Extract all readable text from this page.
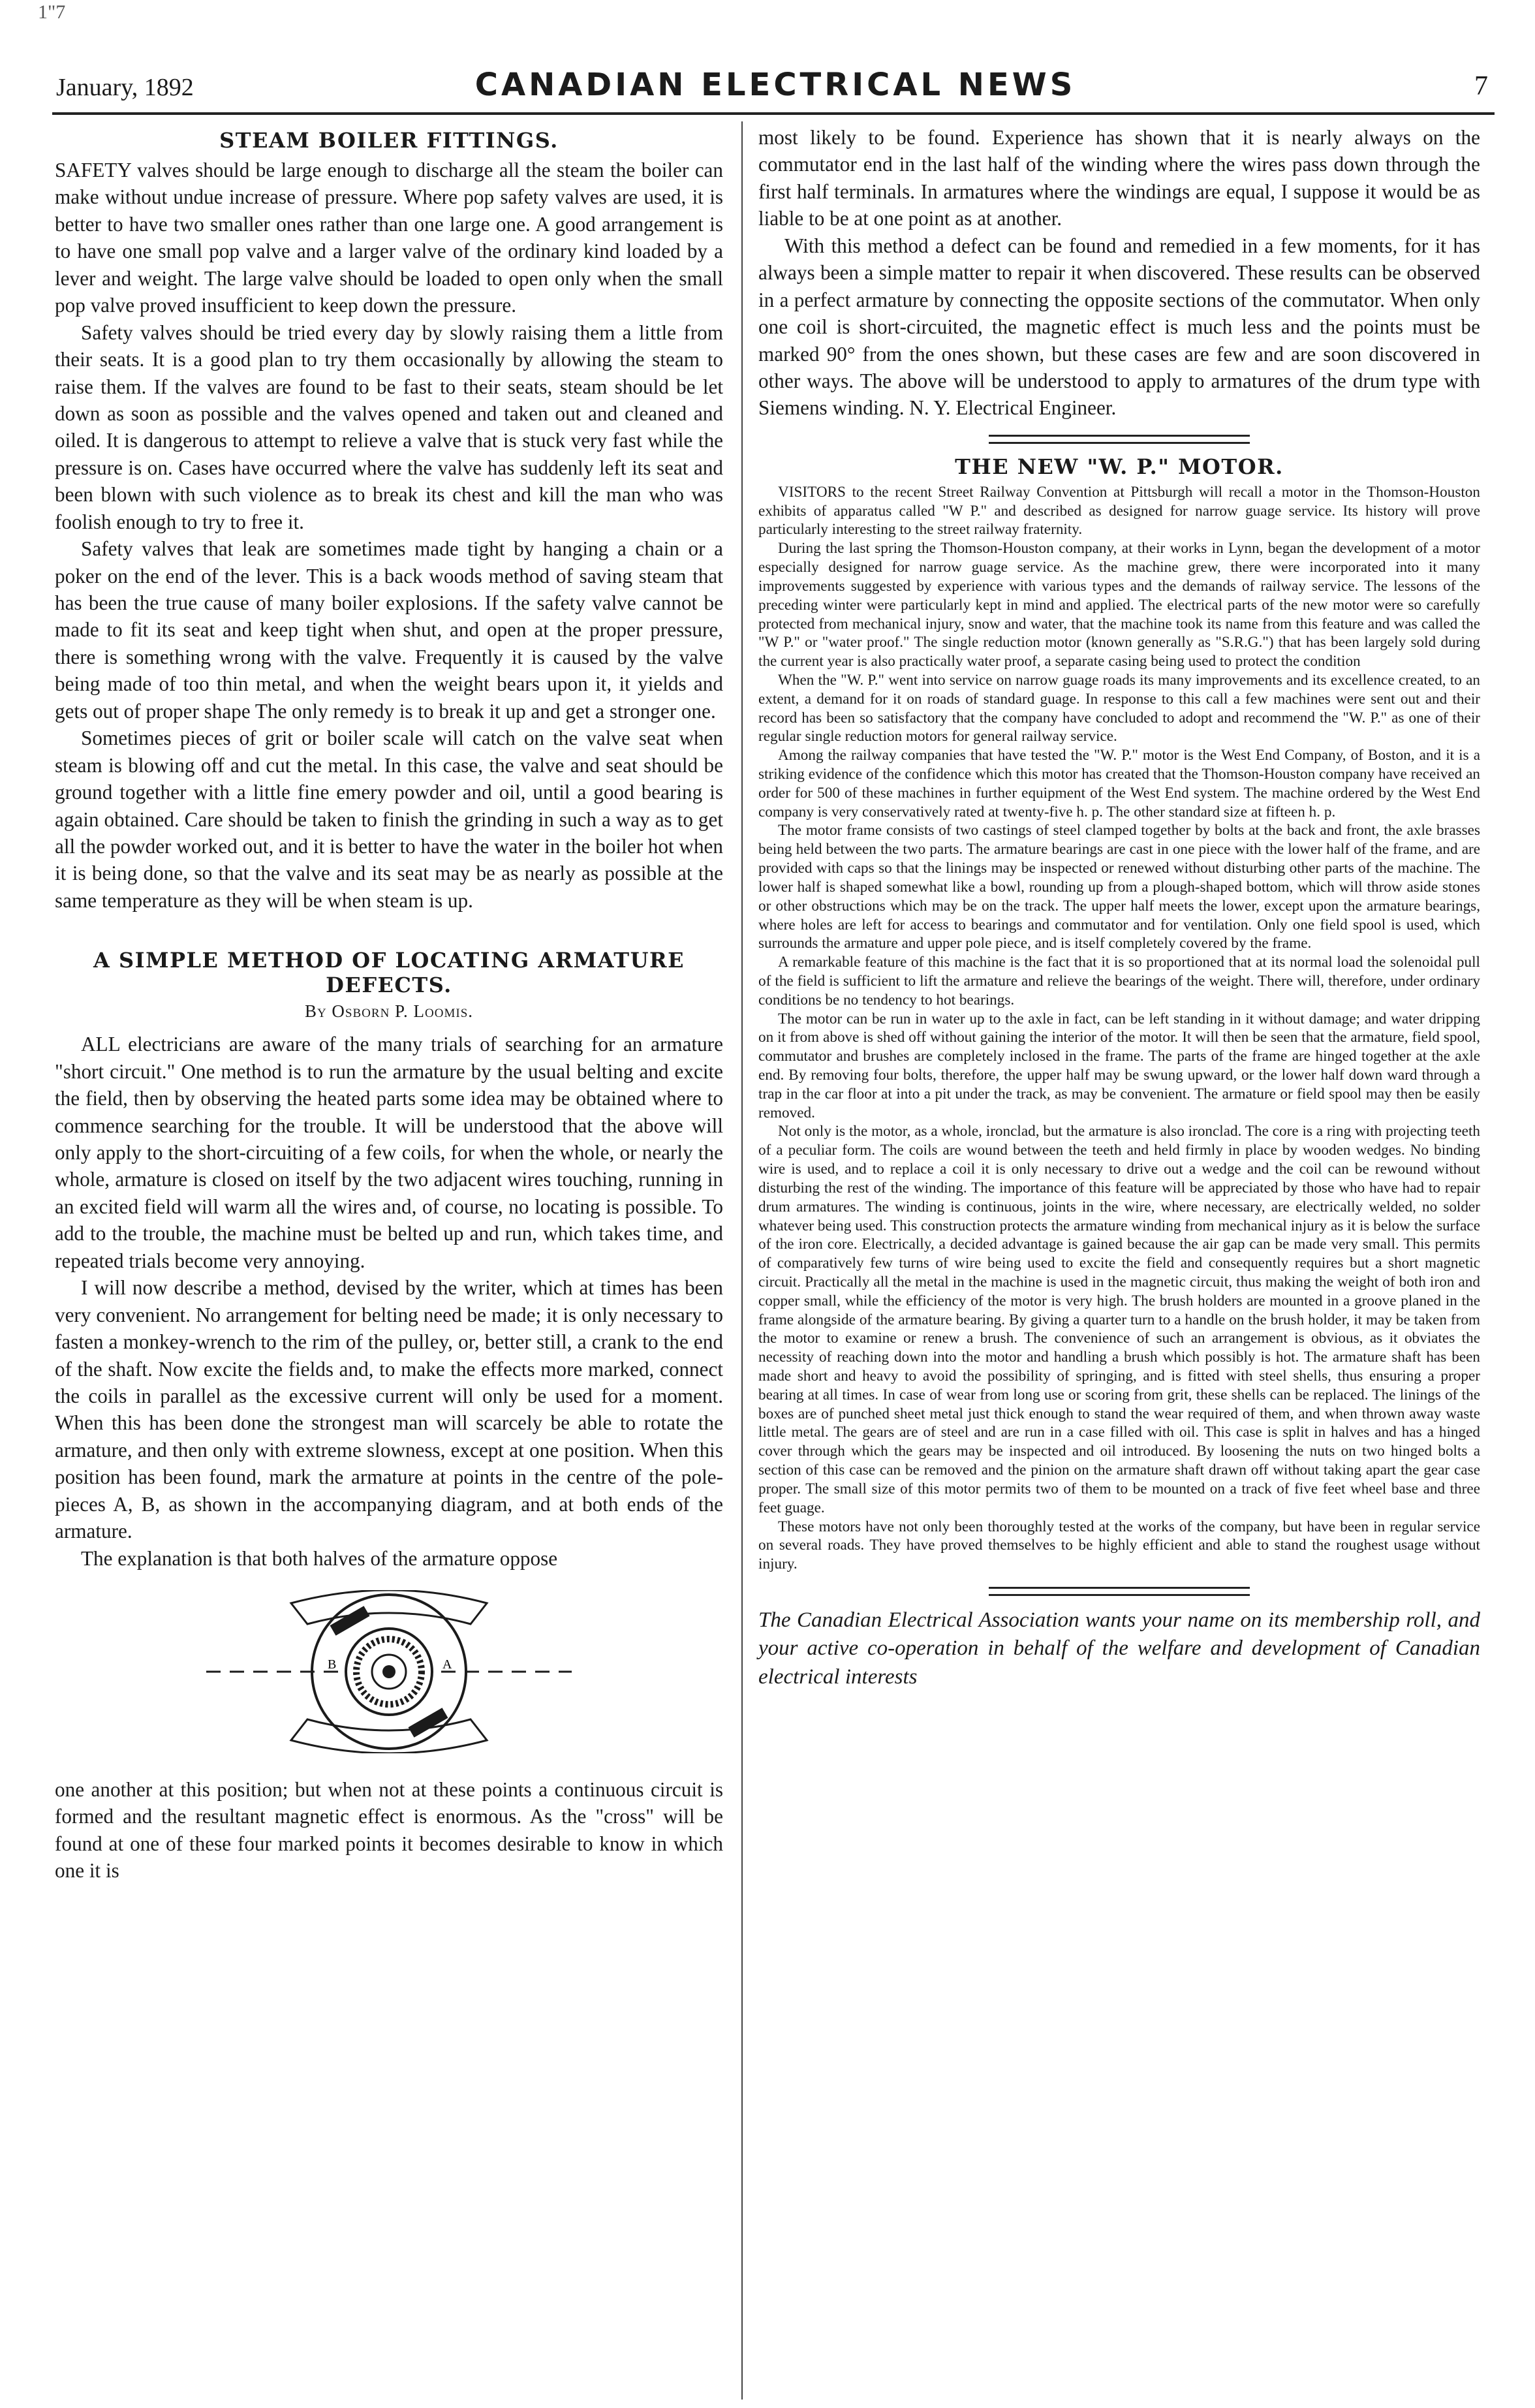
1"7
January, 1892	CANADIAN ELECTRICAL NEWS	7
STEAM BOILER FITTINGS.

SAFETY valves should be large enough to discharge all the steam the boiler can make without undue increase of pressure. Where pop safety valves are used, it is better to have two smaller ones rather than one large one. A good arrangement is to have one small pop valve and a larger valve of the ordinary kind loaded by a lever and weight. The large valve should be loaded to open only when the small pop valve proved insufficient to keep down the pressure.

Safety valves should be tried every day by slowly raising them a little from their seats. It is a good plan to try them occasionally by allowing the steam to raise them. If the valves are found to be fast to their seats, steam should be let down as soon as possible and the valves opened and taken out and cleaned and oiled. It is dangerous to attempt to relieve a valve that is stuck very fast while the pressure is on. Cases have occurred where the valve has suddenly left its seat and been blown with such violence as to break its chest and kill the man who was foolish enough to try to free it.

Safety valves that leak are sometimes made tight by hanging a chain or a poker on the end of the lever. This is a back woods method of saving steam that has been the true cause of many boiler explosions. If the safety valve cannot be made to fit its seat and keep tight when shut, and open at the proper pressure, there is something wrong with the valve. Frequently it is caused by the valve being made of too thin metal, and when the weight bears upon it, it yields and gets out of proper shape The only remedy is to break it up and get a stronger one.

Sometimes pieces of grit or boiler scale will catch on the valve seat when steam is blowing off and cut the metal. In this case, the valve and seat should be ground together with a little fine emery powder and oil, until a good bearing is again obtained. Care should be taken to finish the grinding in such a way as to get all the powder worked out, and it is better to have the water in the boiler hot when it is being done, so that the valve and its seat may be as nearly as possible at the same temperature as they will be when steam is up.

A SIMPLE METHOD OF LOCATING ARMATURE DEFECTS.
By Osborn P. Loomis.

ALL electricians are aware of the many trials of searching for an armature "short circuit." One method is to run the armature by the usual belting and excite the field, then by observing the heated parts some idea may be obtained where to commence searching for the trouble. It will be understood that the above will only apply to the short-circuiting of a few coils, for when the whole, or nearly the whole, armature is closed on itself by the two adjacent wires touching, running in an excited field will warm all the wires and, of course, no locating is possible. To add to the trouble, the machine must be belted up and run, which takes time, and repeated trials become very annoying.

I will now describe a method, devised by the writer, which at times has been very convenient. No arrangement for belting need be made; it is only necessary to fasten a monkey-wrench to the rim of the pulley, or, better still, a crank to the end of the shaft. Now excite the fields and, to make the effects more marked, connect the coils in parallel as the excessive current will only be used for a moment. When this has been done the strongest man will scarcely be able to rotate the armature, and then only with extreme slowness, except at one position. When this position has been found, mark the armature at points in the centre of the pole-pieces A, B, as shown in the accompanying diagram, and at both ends of the armature.

The explanation is that both halves of the armature oppose

B	A

one another at this position; but when not at these points a continuous circuit is formed and the resultant magnetic effect is enormous. As the "cross" will be found at one of these four marked points it becomes desirable to know in which one it is

most likely to be found. Experience has shown that it is nearly always on the commutator end in the last half of the winding where the wires pass down through the first half terminals. In armatures where the windings are equal, I suppose it would be as liable to be at one point as at another.

With this method a defect can be found and remedied in a few moments, for it has always been a simple matter to repair it when discovered. These results can be observed in a perfect armature by connecting the opposite sections of the commutator. When only one coil is short-circuited, the magnetic effect is much less and the points must be marked 90° from the ones shown, but these cases are few and are soon discovered in other ways. The above will be understood to apply to armatures of the drum type with Siemens winding. N. Y. Electrical Engineer.

THE NEW "W. P." MOTOR.

VISITORS to the recent Street Railway Convention at Pittsburgh will recall a motor in the Thomson-Houston exhibits of apparatus called "W P." and described as designed for narrow guage service. Its history will prove particularly interesting to the street railway fraternity.

During the last spring the Thomson-Houston company, at their works in Lynn, began the development of a motor especially designed for narrow guage service. As the machine grew, there were incorporated into it many improvements suggested by experience with various types and the demands of railway service. The lessons of the preceding winter were particularly kept in mind and applied. The electrical parts of the new motor were so carefully protected from mechanical injury, snow and water, that the machine took its name from this feature and was called the "W P." or "water proof." The single reduction motor (known generally as "S.R.G.") that has been largely sold during the current year is also practically water proof, a separate casing being used to protect the condition

When the "W. P." went into service on narrow guage roads its many improvements and its excellence created, to an extent, a demand for it on roads of standard guage. In response to this call a few machines were sent out and their record has been so satisfactory that the company have concluded to adopt and recommend the "W. P." as one of their regular single reduction motors for general railway service.

Among the railway companies that have tested the "W. P." motor is the West End Company, of Boston, and it is a striking evidence of the confidence which this motor has created that the Thomson-Houston company have received an order for 500 of these machines in further equipment of the West End system. The machine ordered by the West End company is very conservatively rated at twenty-five h. p. The other standard size at fifteen h. p.

The motor frame consists of two castings of steel clamped together by bolts at the back and front, the axle brasses being held between the two parts. The armature bearings are cast in one piece with the lower half of the frame, and are provided with caps so that the linings may be inspected or renewed without disturbing other parts of the machine. The lower half is shaped somewhat like a bowl, rounding up from a plough-shaped bottom, which will throw aside stones or other obstructions which may be on the track. The upper half meets the lower, except upon the armature bearings, where holes are left for access to bearings and commutator and for ventilation. Only one field spool is used, which surrounds the armature and upper pole piece, and is itself completely covered by the frame.

A remarkable feature of this machine is the fact that it is so proportioned that at its normal load the solenoidal pull of the field is sufficient to lift the armature and relieve the bearings of the weight. There will, therefore, under ordinary conditions be no tendency to hot bearings.

The motor can be run in water up to the axle in fact, can be left standing in it without damage; and water dripping on it from above is shed off without gaining the interior of the motor. It will then be seen that the armature, field spool, commutator and brushes are completely inclosed in the frame. The parts of the frame are hinged together at the axle end. By removing four bolts, therefore, the upper half may be swung upward, or the lower half down ward through a trap in the car floor at into a pit under the track, as may be convenient. The armature or field spool may then be easily removed.

Not only is the motor, as a whole, ironclad, but the armature is also ironclad. The core is a ring with projecting teeth of a peculiar form. The coils are wound between the teeth and held firmly in place by wooden wedges. No binding wire is used, and to replace a coil it is only necessary to drive out a wedge and the coil can be rewound without disturbing the rest of the winding. The importance of this feature will be appreciated by those who have had to repair drum armatures. The winding is continuous, joints in the wire, where necessary, are electrically welded, no solder whatever being used. This construction protects the armature winding from mechanical injury as it is below the surface of the iron core. Electrically, a decided advantage is gained because the air gap can be made very small. This permits of comparatively few turns of wire being used to excite the field and consequently requires but a short magnetic circuit. Practically all the metal in the machine is used in the magnetic circuit, thus making the weight of both iron and copper small, while the efficiency of the motor is very high. The brush holders are mounted in a groove planed in the frame alongside of the armature bearing. By giving a quarter turn to a handle on the brush holder, it may be taken from the motor to examine or renew a brush. The convenience of such an arrangement is obvious, as it obviates the necessity of reaching down into the motor and handling a brush which possibly is hot. The armature shaft has been made short and heavy to avoid the possibility of springing, and is fitted with steel shells, thus ensuring a proper bearing at all times. In case of wear from long use or scoring from grit, these shells can be replaced. The linings of the boxes are of punched sheet metal just thick enough to stand the wear required of them, and when thrown away waste little metal. The gears are of steel and are run in a case filled with oil. This case is split in halves and has a hinged cover through which the gears may be inspected and oil introduced. By loosening the nuts on two hinged bolts a section of this case can be removed and the pinion on the armature shaft drawn off without taking apart the gear case proper. The small size of this motor permits two of them to be mounted on a track of five feet wheel base and three feet guage.

These motors have not only been thoroughly tested at the works of the company, but have been in regular service on several roads. They have proved themselves to be highly efficient and able to stand the roughest usage without injury.

The Canadian Electrical Association wants your name on its membership roll, and your active co-operation in behalf of the welfare and development of Canadian electrical interests
